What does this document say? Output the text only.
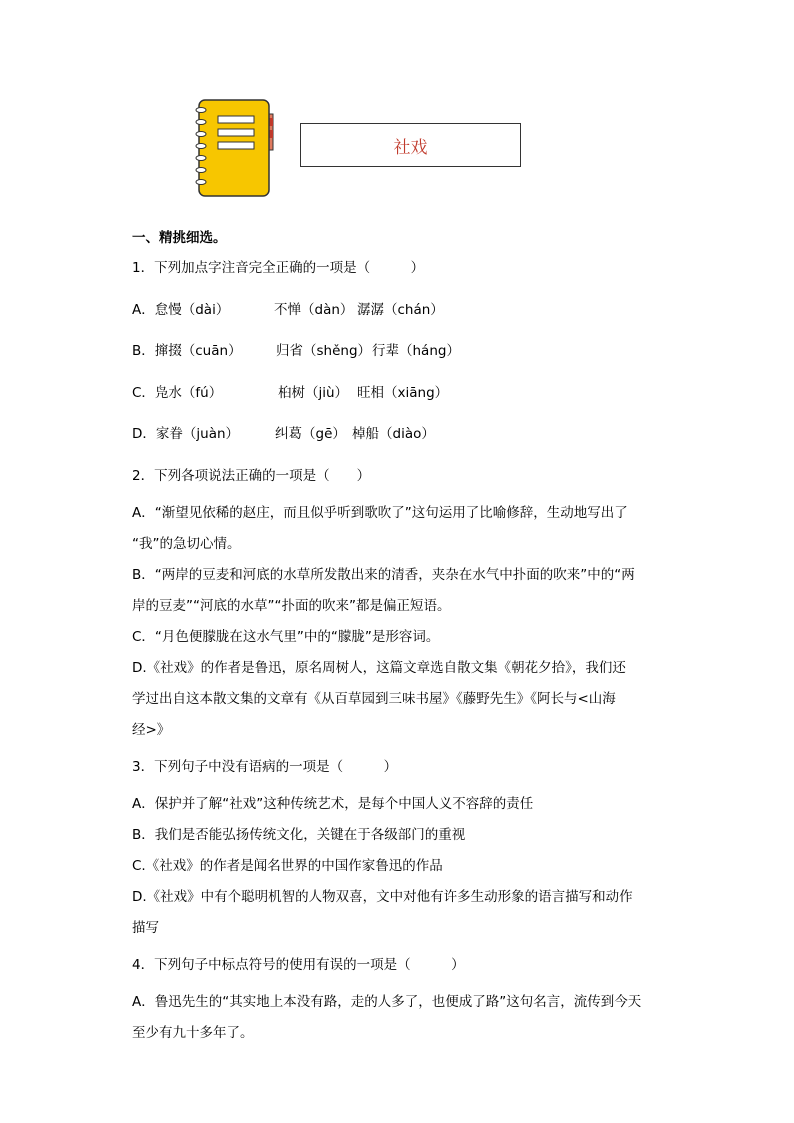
社戏
一、精挑细选。
1．下列加点字注音完全正确的一项是（　　　）
A．怠慢（dài）	不惮（dàn） 潺潺（chán）
B．撺掇（cuān）	归省（shěng） 行辈（háng）
C．凫水（fú）	桕树（jiù） 旺相（xiāng）
D．家眷（juàn）	纠葛（gē） 棹船（diào）
2．下列各项说法正确的一项是（　　）
A．“渐望见依稀的赵庄，而且似乎听到歌吹了”这句运用了比喻修辞，生动地写出了
“我”的急切心情。
B．“两岸的豆麦和河底的水草所发散出来的清香，夹杂在水气中扑面的吹来”中的“两
岸的豆麦”“河底的水草”“扑面的吹来”都是偏正短语。
C．“月色便朦胧在这水气里”中的“朦胧”是形容词。
D.《社戏》的作者是鲁迅，原名周树人，这篇文章选自散文集《朝花夕拾》，我们还
学过出自这本散文集的文章有《从百草园到三味书屋》《藤野先生》《阿长与<山海
经>》
3．下列句子中没有语病的一项是（　　　）
A．保护并了解“社戏”这种传统艺术，是每个中国人义不容辞的责任
B．我们是否能弘扬传统文化，关键在于各级部门的重视
C.《社戏》的作者是闻名世界的中国作家鲁迅的作品
D.《社戏》中有个聪明机智的人物双喜，文中对他有许多生动形象的语言描写和动作
描写
4．下列句子中标点符号的使用有误的一项是（　　　）
A．鲁迅先生的“其实地上本没有路，走的人多了，也便成了路”这句名言，流传到今天
至少有九十多年了。
